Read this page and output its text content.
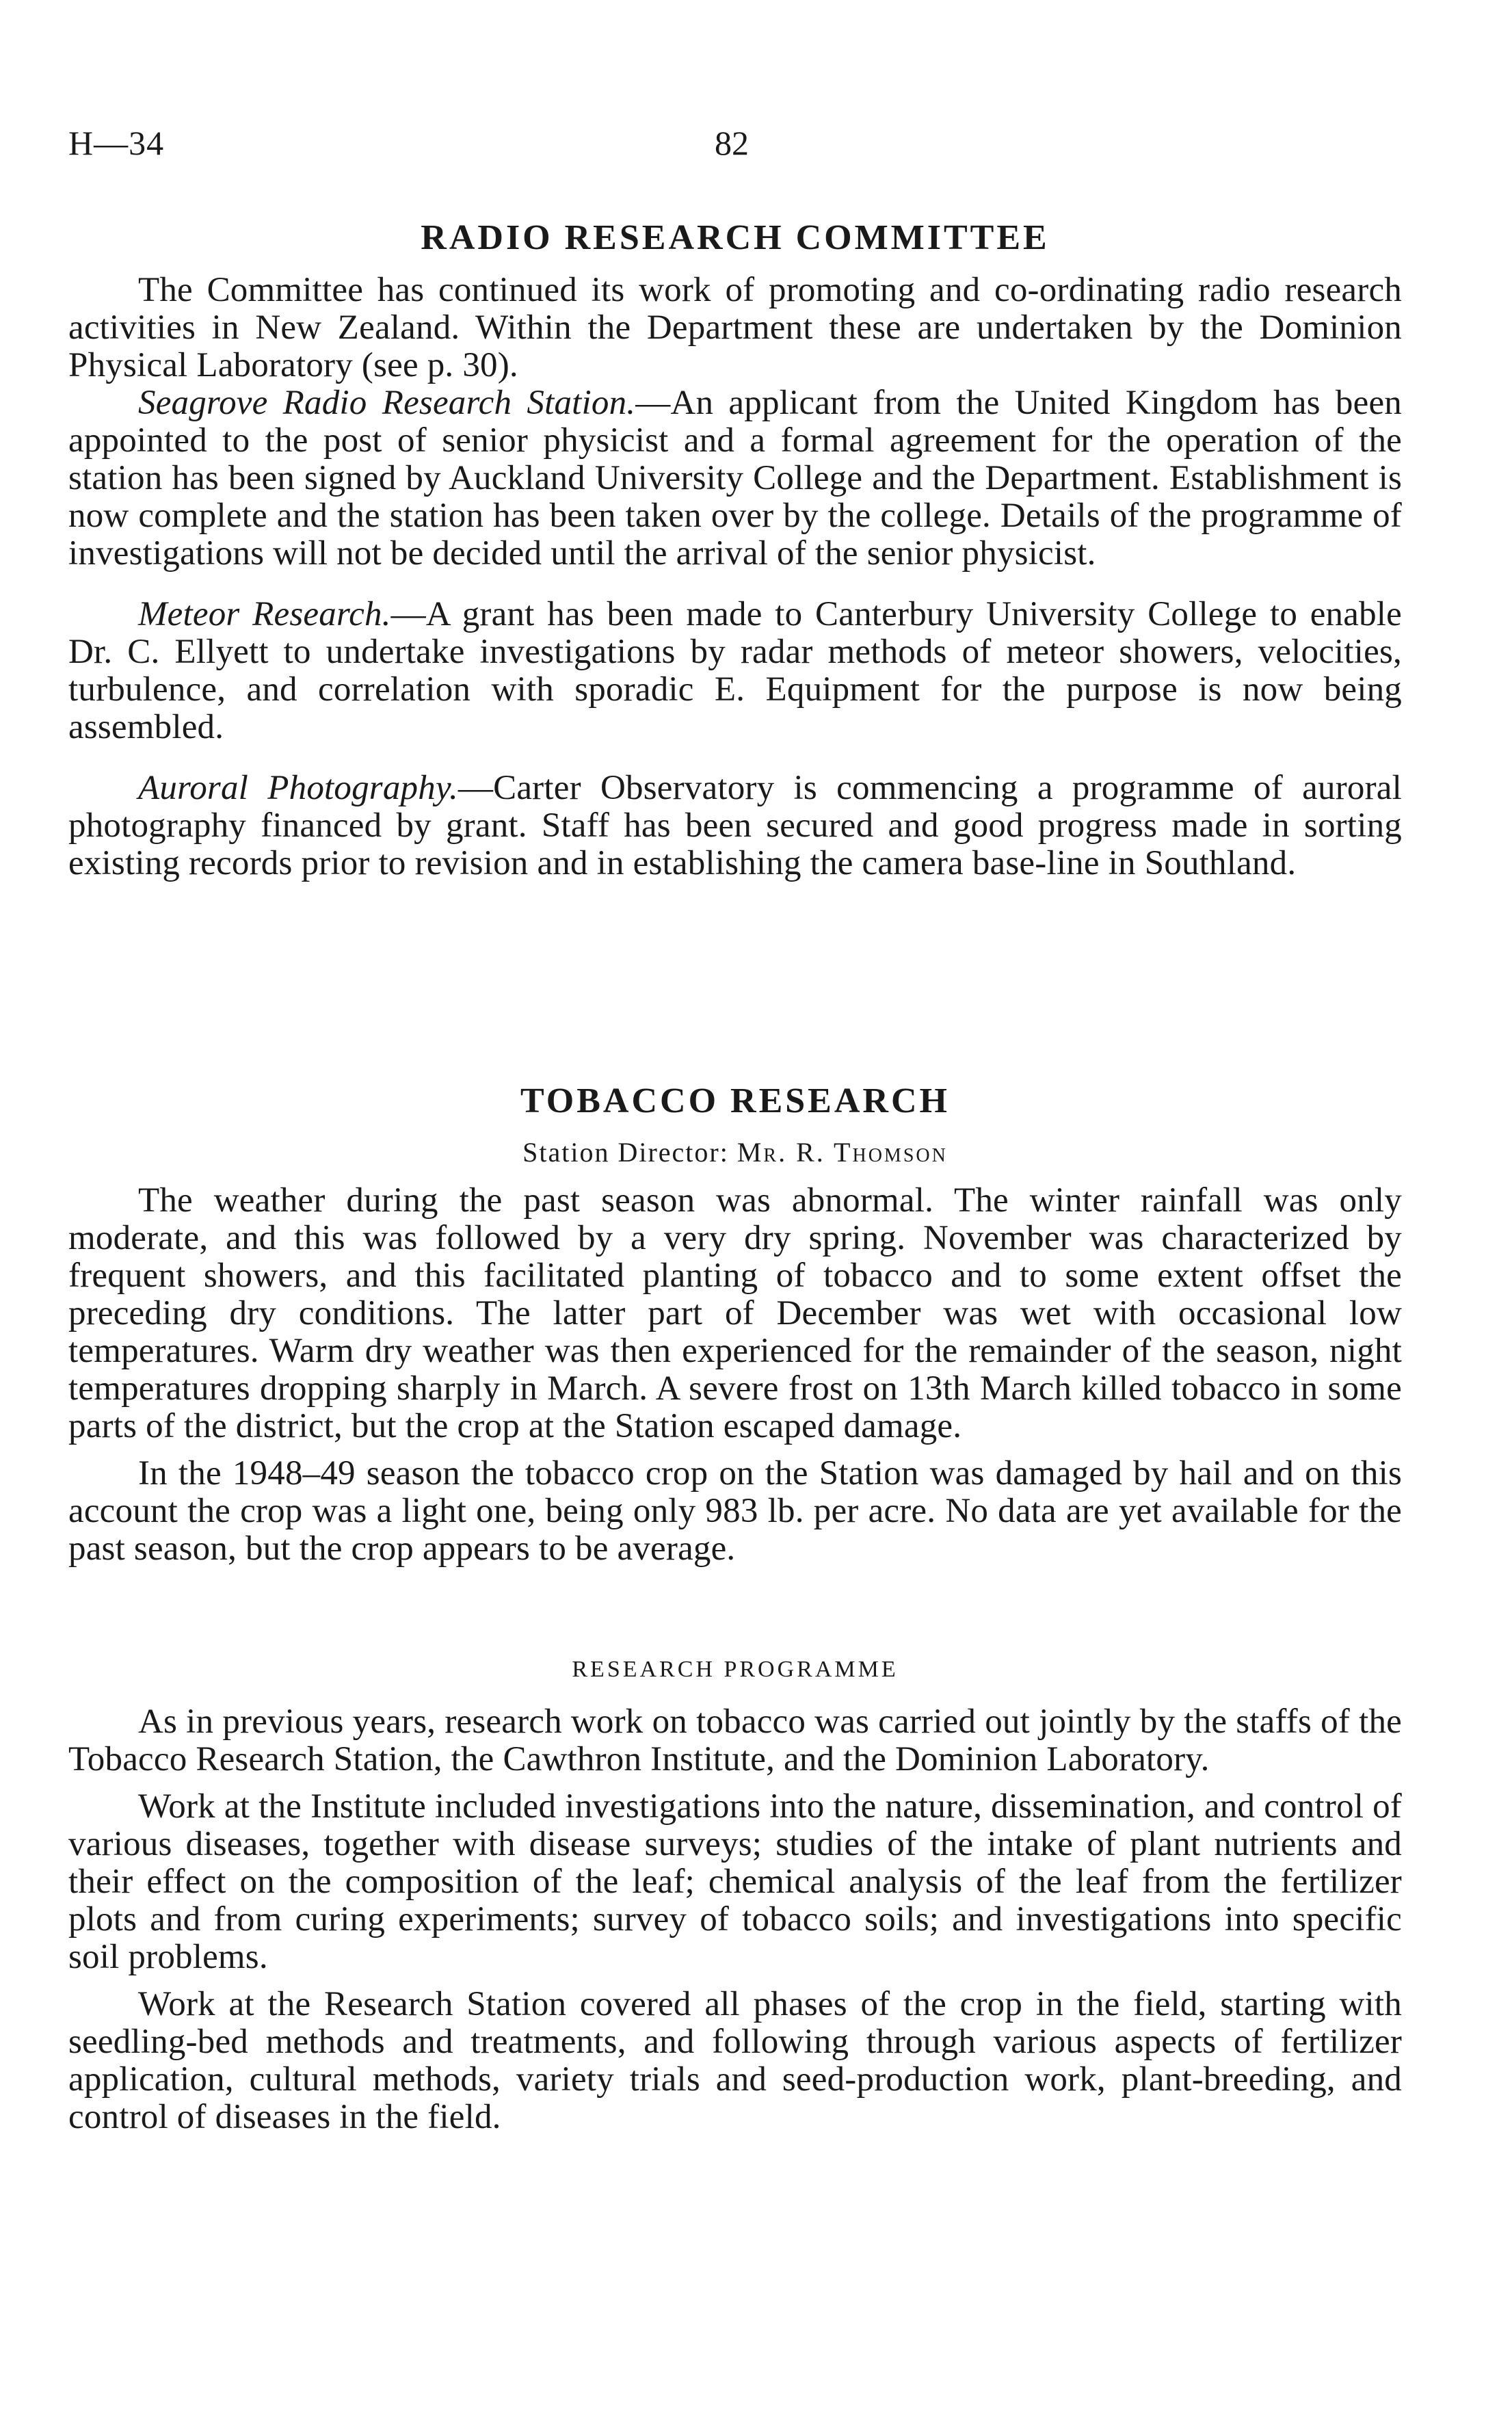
H—34	82
RADIO RESEARCH COMMITTEE

The Committee has continued its work of promoting and co-ordinating radio research activities in New Zealand. Within the Department these are undertaken by the Dominion Physical Laboratory (see p. 30).

Seagrove Radio Research Station.—An applicant from the United Kingdom has been appointed to the post of senior physicist and a formal agreement for the operation of the station has been signed by Auckland University College and the Department. Establishment is now complete and the station has been taken over by the college. Details of the programme of investigations will not be decided until the arrival of the senior physicist.

Meteor Research.—A grant has been made to Canterbury University College to enable Dr. C. Ellyett to undertake investigations by radar methods of meteor showers, velocities, turbulence, and correlation with sporadic E. Equipment for the purpose is now being assembled.

Auroral Photography.—Carter Observatory is commencing a programme of auroral photography financed by grant. Staff has been secured and good progress made in sorting existing records prior to revision and in establishing the camera base-line in Southland.

TOBACCO RESEARCH

Station Director: Mr. R. Thomson

The weather during the past season was abnormal. The winter rainfall was only moderate, and this was followed by a very dry spring. November was characterized by frequent showers, and this facilitated planting of tobacco and to some extent offset the preceding dry conditions. The latter part of December was wet with occasional low temperatures. Warm dry weather was then experienced for the remainder of the season, night temperatures dropping sharply in March. A severe frost on 13th March killed tobacco in some parts of the district, but the crop at the Station escaped damage.

In the 1948–49 season the tobacco crop on the Station was damaged by hail and on this account the crop was a light one, being only 983 lb. per acre. No data are yet available for the past season, but the crop appears to be average.

RESEARCH PROGRAMME

As in previous years, research work on tobacco was carried out jointly by the staffs of the Tobacco Research Station, the Cawthron Institute, and the Dominion Laboratory.

Work at the Institute included investigations into the nature, dissemination, and control of various diseases, together with disease surveys; studies of the intake of plant nutrients and their effect on the composition of the leaf; chemical analysis of the leaf from the fertilizer plots and from curing experiments; survey of tobacco soils; and investigations into specific soil problems.

Work at the Research Station covered all phases of the crop in the field, starting with seedling-bed methods and treatments, and following through various aspects of fertilizer application, cultural methods, variety trials and seed-production work, plant-breeding, and control of diseases in the field.
